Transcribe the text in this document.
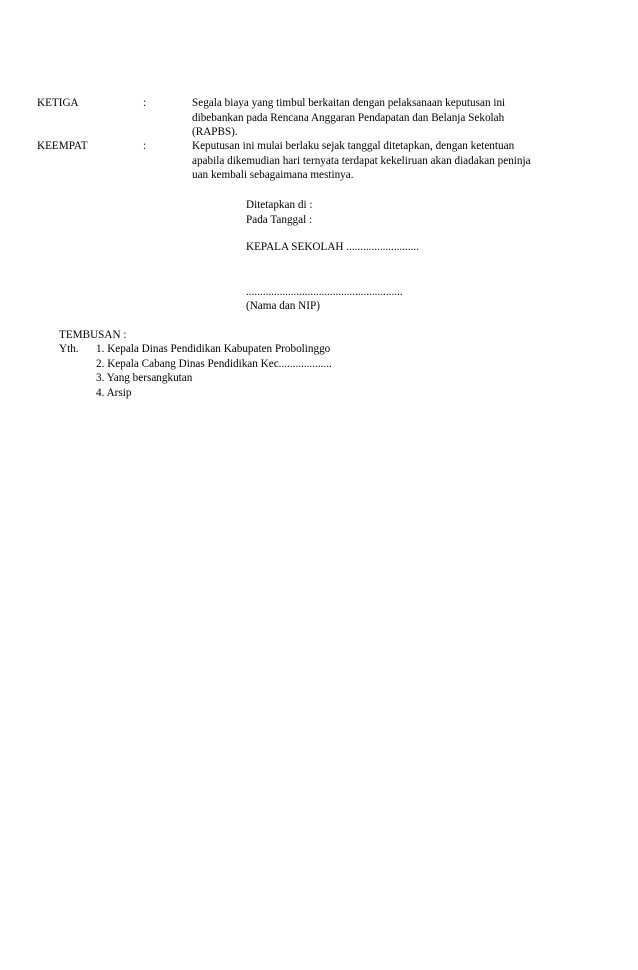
KETIGA	:	Segala biaya yang timbul berkaitan dengan pelaksanaan keputusan ini
dibebankan pada Rencana Anggaran Pendapatan dan Belanja Sekolah
(RAPBS).
KEEMPAT	:	Keputusan ini mulai berlaku sejak tanggal ditetapkan, dengan ketentuan
apabila dikemudian hari ternyata terdapat kekeliruan akan diadakan peninja
uan kembali sebagaimana mestinya.
Ditetapkan di :
Pada Tanggal :
KEPALA SEKOLAH ..........................
........................................................
(Nama dan NIP)
TEMBUSAN :
Yth. 1. Kepala Dinas Pendidikan Kabupaten Probolinggo
2. Kepala Cabang Dinas Pendidikan Kec...................
3. Yang bersangkutan
4. Arsip
